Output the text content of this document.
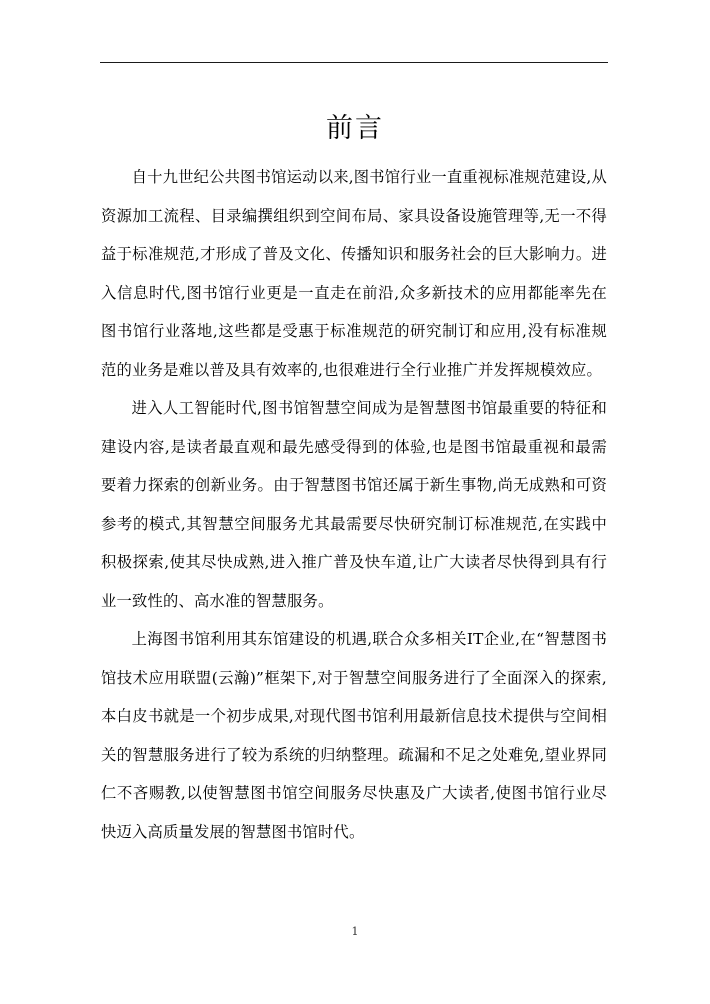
前言

自十九世纪公共图书馆运动以来,图书馆行业一直重视标准规范建设,从资源加工流程、目录编撰组织到空间布局、家具设备设施管理等,无一不得益于标准规范,才形成了普及文化、传播知识和服务社会的巨大影响力。进入信息时代,图书馆行业更是一直走在前沿,众多新技术的应用都能率先在图书馆行业落地,这些都是受惠于标准规范的研究制订和应用,没有标准规范的业务是难以普及具有效率的,也很难进行全行业推广并发挥规模效应。

进入人工智能时代,图书馆智慧空间成为是智慧图书馆最重要的特征和建设内容,是读者最直观和最先感受得到的体验,也是图书馆最重视和最需要着力探索的创新业务。由于智慧图书馆还属于新生事物,尚无成熟和可资参考的模式,其智慧空间服务尤其最需要尽快研究制订标准规范,在实践中积极探索,使其尽快成熟,进入推广普及快车道,让广大读者尽快得到具有行业一致性的、高水准的智慧服务。

上海图书馆利用其东馆建设的机遇,联合众多相关IT企业,在“智慧图书馆技术应用联盟(云瀚)”框架下,对于智慧空间服务进行了全面深入的探索,本白皮书就是一个初步成果,对现代图书馆利用最新信息技术提供与空间相关的智慧服务进行了较为系统的归纳整理。疏漏和不足之处难免,望业界同仁不吝赐教,以使智慧图书馆空间服务尽快惠及广大读者,使图书馆行业尽快迈入高质量发展的智慧图书馆时代。

1
